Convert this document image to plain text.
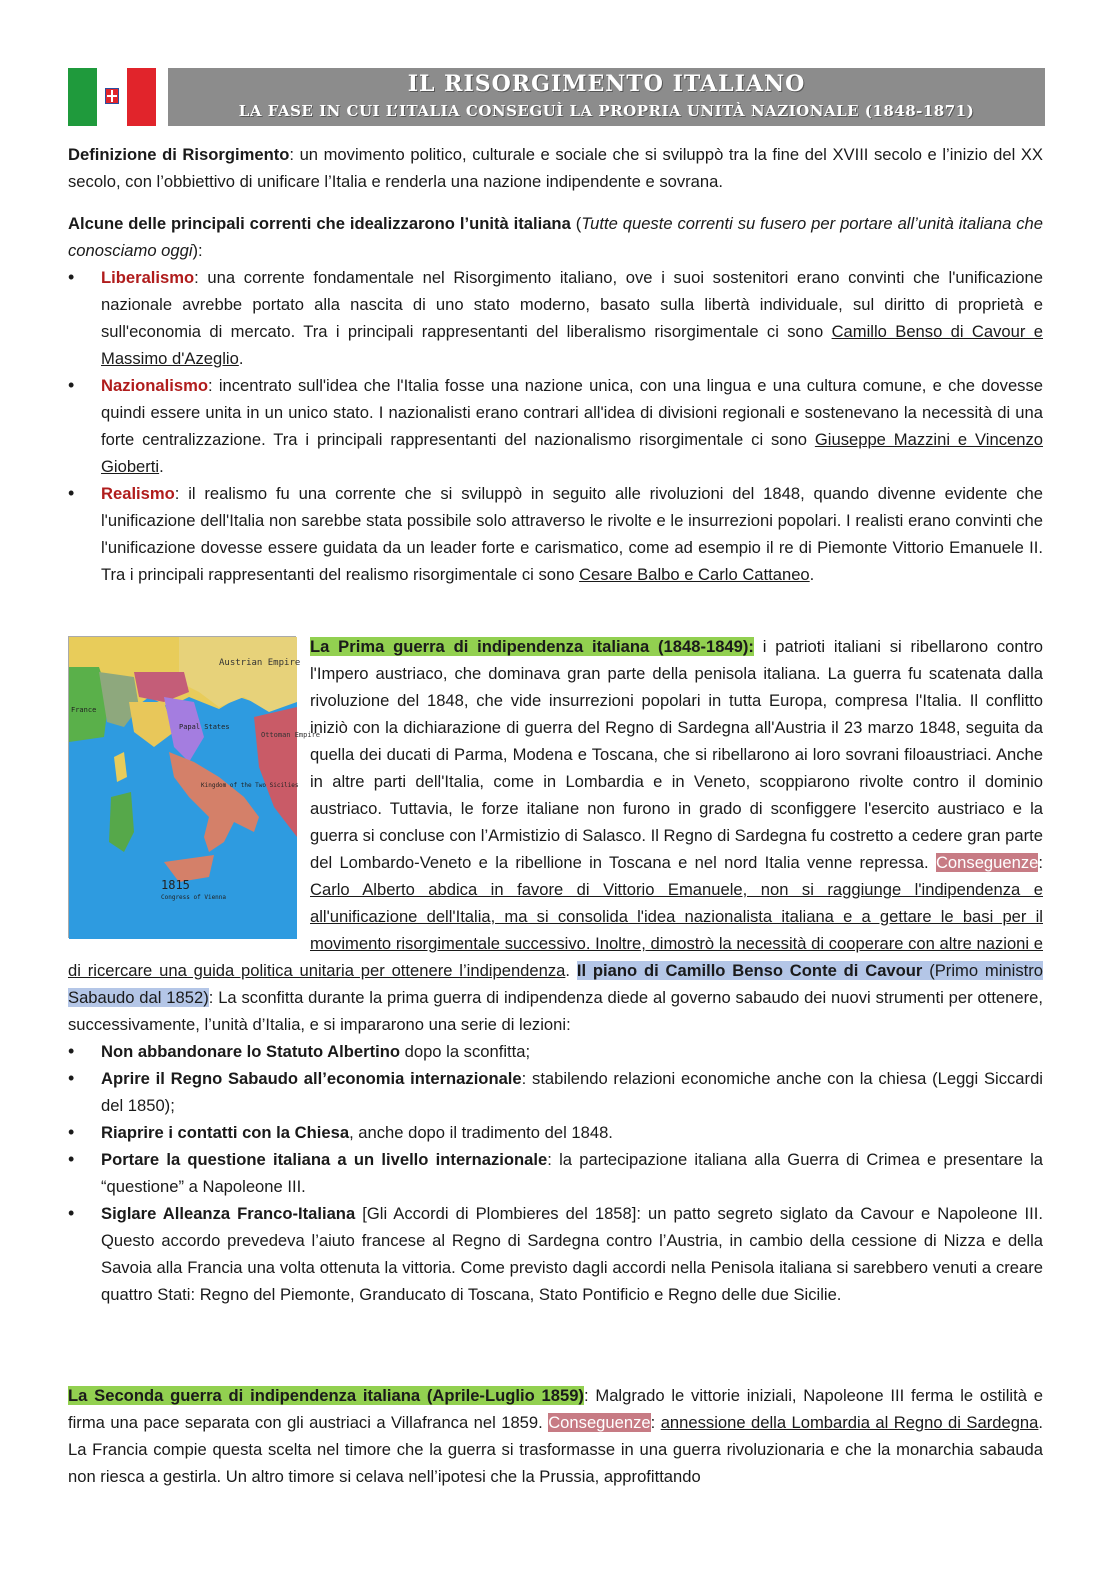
IL RISORGIMENTO ITALIANO
LA FASE IN CUI L’ITALIA CONSEGUÌ LA PROPRIA UNITÀ NAZIONALE (1848-1871)

Definizione di Risorgimento: un movimento politico, culturale e sociale che si sviluppò tra la fine del XVIII secolo e l’inizio del XX secolo, con l’obbiettivo di unificare l’Italia e renderla una nazione indipendente e sovrana.

Alcune delle principali correnti che idealizzarono l’unità italiana (Tutte queste correnti su fusero per portare all’unità italiana che conosciamo oggi):

• Liberalismo: una corrente fondamentale nel Risorgimento italiano, ove i suoi sostenitori erano convinti che l'unificazione nazionale avrebbe portato alla nascita di uno stato moderno, basato sulla libertà individuale, sul diritto di proprietà e sull'economia di mercato. Tra i principali rappresentanti del liberalismo risorgimentale ci sono Camillo Benso di Cavour e Massimo d'Azeglio.
• Nazionalismo: incentrato sull'idea che l'Italia fosse una nazione unica, con una lingua e una cultura comune, e che dovesse quindi essere unita in un unico stato. I nazionalisti erano contrari all'idea di divisioni regionali e sostenevano la necessità di una forte centralizzazione. Tra i principali rappresentanti del nazionalismo risorgimentale ci sono Giuseppe Mazzini e Vincenzo Gioberti.
• Realismo: il realismo fu una corrente che si sviluppò in seguito alle rivoluzioni del 1848, quando divenne evidente che l'unificazione dell'Italia non sarebbe stata possibile solo attraverso le rivolte e le insurrezioni popolari. I realisti erano convinti che l'unificazione dovesse essere guidata da un leader forte e carismatico, come ad esempio il re di Piemonte Vittorio Emanuele II. Tra i principali rappresentanti del realismo risorgimentale ci sono Cesare Balbo e Carlo Cattaneo.
Austrian Empire
Ottoman Empire
France
Papal States
Kingdom of the Two Sicilies
1815
Congress of Vienna

La Prima guerra di indipendenza italiana (1848-1849): i patrioti italiani si ribellarono contro l'Impero austriaco, che dominava gran parte della penisola italiana. La guerra fu scatenata dalla rivoluzione del 1848, che vide insurrezioni popolari in tutta Europa, compresa l'Italia. Il conflitto iniziò con la dichiarazione di guerra del Regno di Sardegna all'Austria il 23 marzo 1848, seguita da quella dei ducati di Parma, Modena e Toscana, che si ribellarono ai loro sovrani filoaustriaci. Anche in altre parti dell'Italia, come in Lombardia e in Veneto, scoppiarono rivolte contro il dominio austriaco. Tuttavia, le forze italiane non furono in grado di sconfiggere l'esercito austriaco e la guerra si concluse con l’Armistizio di Salasco. Il Regno di Sardegna fu costretto a cedere gran parte del Lombardo-Veneto e la ribellione in Toscana e nel nord Italia venne repressa. Conseguenze: Carlo Alberto abdica in favore di Vittorio Emanuele, non si raggiunge l'indipendenza e all'unificazione dell'Italia, ma si consolida l'idea nazionalista italiana e a gettare le basi per il movimento risorgimentale successivo. Inoltre, dimostrò la necessità di cooperare con altre nazioni e di ricercare una guida politica unitaria per ottenere l’indipendenza. Il piano di Camillo Benso Conte di Cavour (Primo ministro Sabaudo dal 1852): La sconfitta durante la prima guerra di indipendenza diede al governo sabaudo dei nuovi strumenti per ottenere, successivamente, l’unità d’Italia, e si impararono una serie di lezioni:

• Non abbandonare lo Statuto Albertino dopo la sconfitta;
• Aprire il Regno Sabaudo all’economia internazionale: stabilendo relazioni economiche anche con la chiesa (Leggi Siccardi del 1850);
• Riaprire i contatti con la Chiesa, anche dopo il tradimento del 1848.
• Portare la questione italiana a un livello internazionale: la partecipazione italiana alla Guerra di Crimea e presentare la “questione” a Napoleone III.
• Siglare Alleanza Franco-Italiana [Gli Accordi di Plombieres del 1858]: un patto segreto siglato da Cavour e Napoleone III. Questo accordo prevedeva l’aiuto francese al Regno di Sardegna contro l’Austria, in cambio della cessione di Nizza e della Savoia alla Francia una volta ottenuta la vittoria. Come previsto dagli accordi nella Penisola italiana si sarebbero venuti a creare quattro Stati: Regno del Piemonte, Granducato di Toscana, Stato Pontificio e Regno delle due Sicilie.

La Seconda guerra di indipendenza italiana (Aprile-Luglio 1859): Malgrado le vittorie iniziali, Napoleone III ferma le ostilità e firma una pace separata con gli austriaci a Villafranca nel 1859. Conseguenze: annessione della Lombardia al Regno di Sardegna. La Francia compie questa scelta nel timore che la guerra si trasformasse in una guerra rivoluzionaria e che la monarchia sabauda non riesca a gestirla. Un altro timore si celava nell’ipotesi che la Prussia, approfittando
